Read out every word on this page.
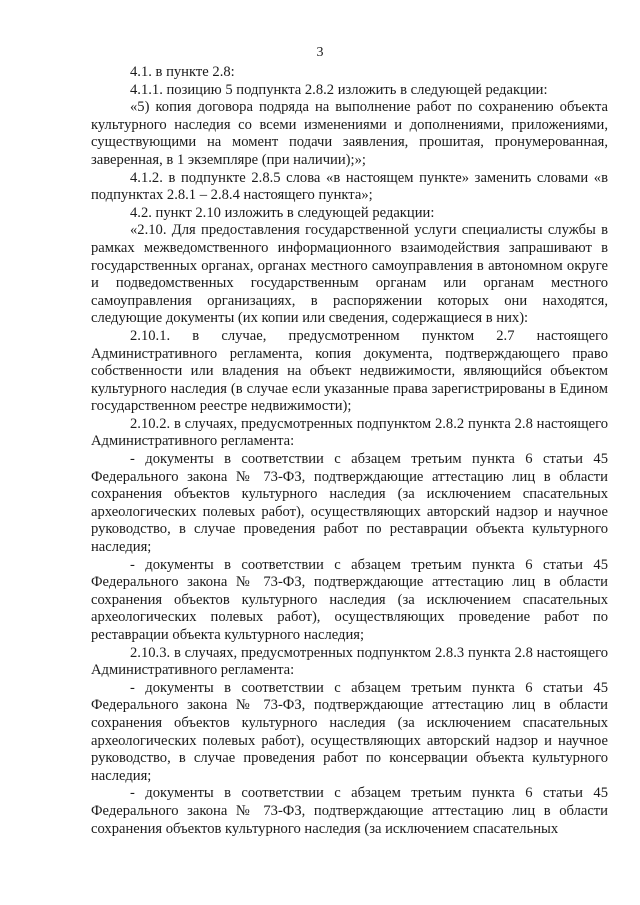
3

4.1. в пункте 2.8:

4.1.1. позицию 5 подпункта 2.8.2 изложить в следующей редакции:

«5) копия договора подряда на выполнение работ по сохранению объекта культурного наследия со всеми изменениями и дополнениями, приложениями, существующими на момент подачи заявления, прошитая, пронумерованная, заверенная, в 1 экземпляре (при наличии);»;

4.1.2. в подпункте 2.8.5 слова «в настоящем пункте» заменить словами «в подпунктах 2.8.1 – 2.8.4 настоящего пункта»;

4.2. пункт 2.10 изложить в следующей редакции:

«2.10. Для предоставления государственной услуги специалисты службы в рамках межведомственного информационного взаимодействия запрашивают в государственных органах, органах местного самоуправления в автономном округе и подведомственных государственным органам или органам местного самоуправления организациях, в распоряжении которых они находятся, следующие документы (их копии или сведения, содержащиеся в них):

2.10.1. в случае, предусмотренном пунктом 2.7 настоящего Административного регламента, копия документа, подтверждающего право собственности или владения на объект недвижимости, являющийся объектом культурного наследия (в случае если указанные права зарегистрированы в Едином государственном реестре недвижимости);

2.10.2. в случаях, предусмотренных подпунктом 2.8.2 пункта 2.8 настоящего Административного регламента:

- документы в соответствии с абзацем третьим пункта 6 статьи 45 Федерального закона № 73-ФЗ, подтверждающие аттестацию лиц в области сохранения объектов культурного наследия (за исключением спасательных археологических полевых работ), осуществляющих авторский надзор и научное руководство, в случае проведения работ по реставрации объекта культурного наследия;

- документы в соответствии с абзацем третьим пункта 6 статьи 45 Федерального закона № 73-ФЗ, подтверждающие аттестацию лиц в области сохранения объектов культурного наследия (за исключением спасательных археологических полевых работ), осуществляющих проведение работ по реставрации объекта культурного наследия;

2.10.3. в случаях, предусмотренных подпунктом 2.8.3 пункта 2.8 настоящего Административного регламента:

- документы в соответствии с абзацем третьим пункта 6 статьи 45 Федерального закона № 73-ФЗ, подтверждающие аттестацию лиц в области сохранения объектов культурного наследия (за исключением спасательных археологических полевых работ), осуществляющих авторский надзор и научное руководство, в случае проведения работ по консервации объекта культурного наследия;

- документы в соответствии с абзацем третьим пункта 6 статьи 45 Федерального закона № 73-ФЗ, подтверждающие аттестацию лиц в области сохранения объектов культурного наследия (за исключением спасательных
